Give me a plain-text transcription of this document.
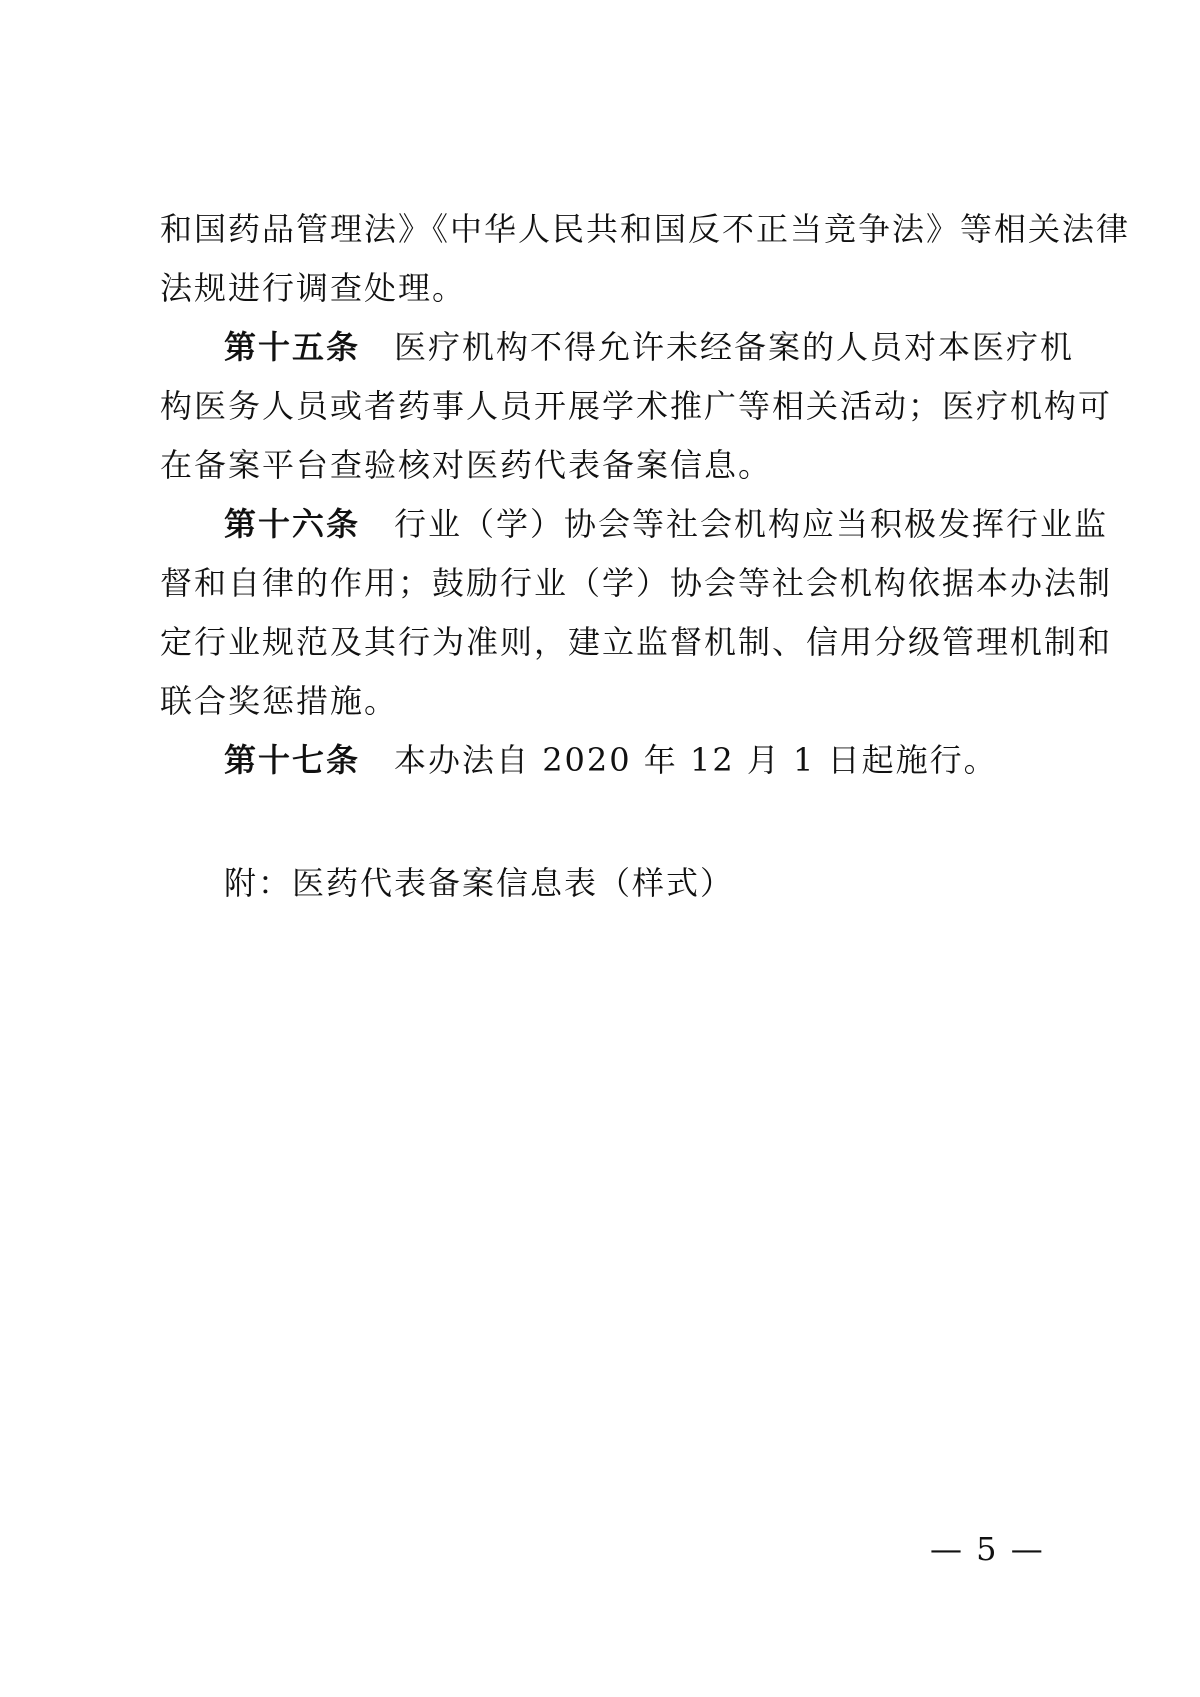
和国药品管理法》《中华人民共和国反不正当竞争法》等相关法律
法规进行调查处理。
第十五条 医疗机构不得允许未经备案的人员对本医疗机
构医务人员或者药事人员开展学术推广等相关活动；医疗机构可
在备案平台查验核对医药代表备案信息。
第十六条 行业（学）协会等社会机构应当积极发挥行业监
督和自律的作用；鼓励行业（学）协会等社会机构依据本办法制
定行业规范及其行为准则，建立监督机制、信用分级管理机制和
联合奖惩措施。
第十七条 本办法自 2020 年 12 月 1 日起施行。
附：医药代表备案信息表（样式）
— 5 —
